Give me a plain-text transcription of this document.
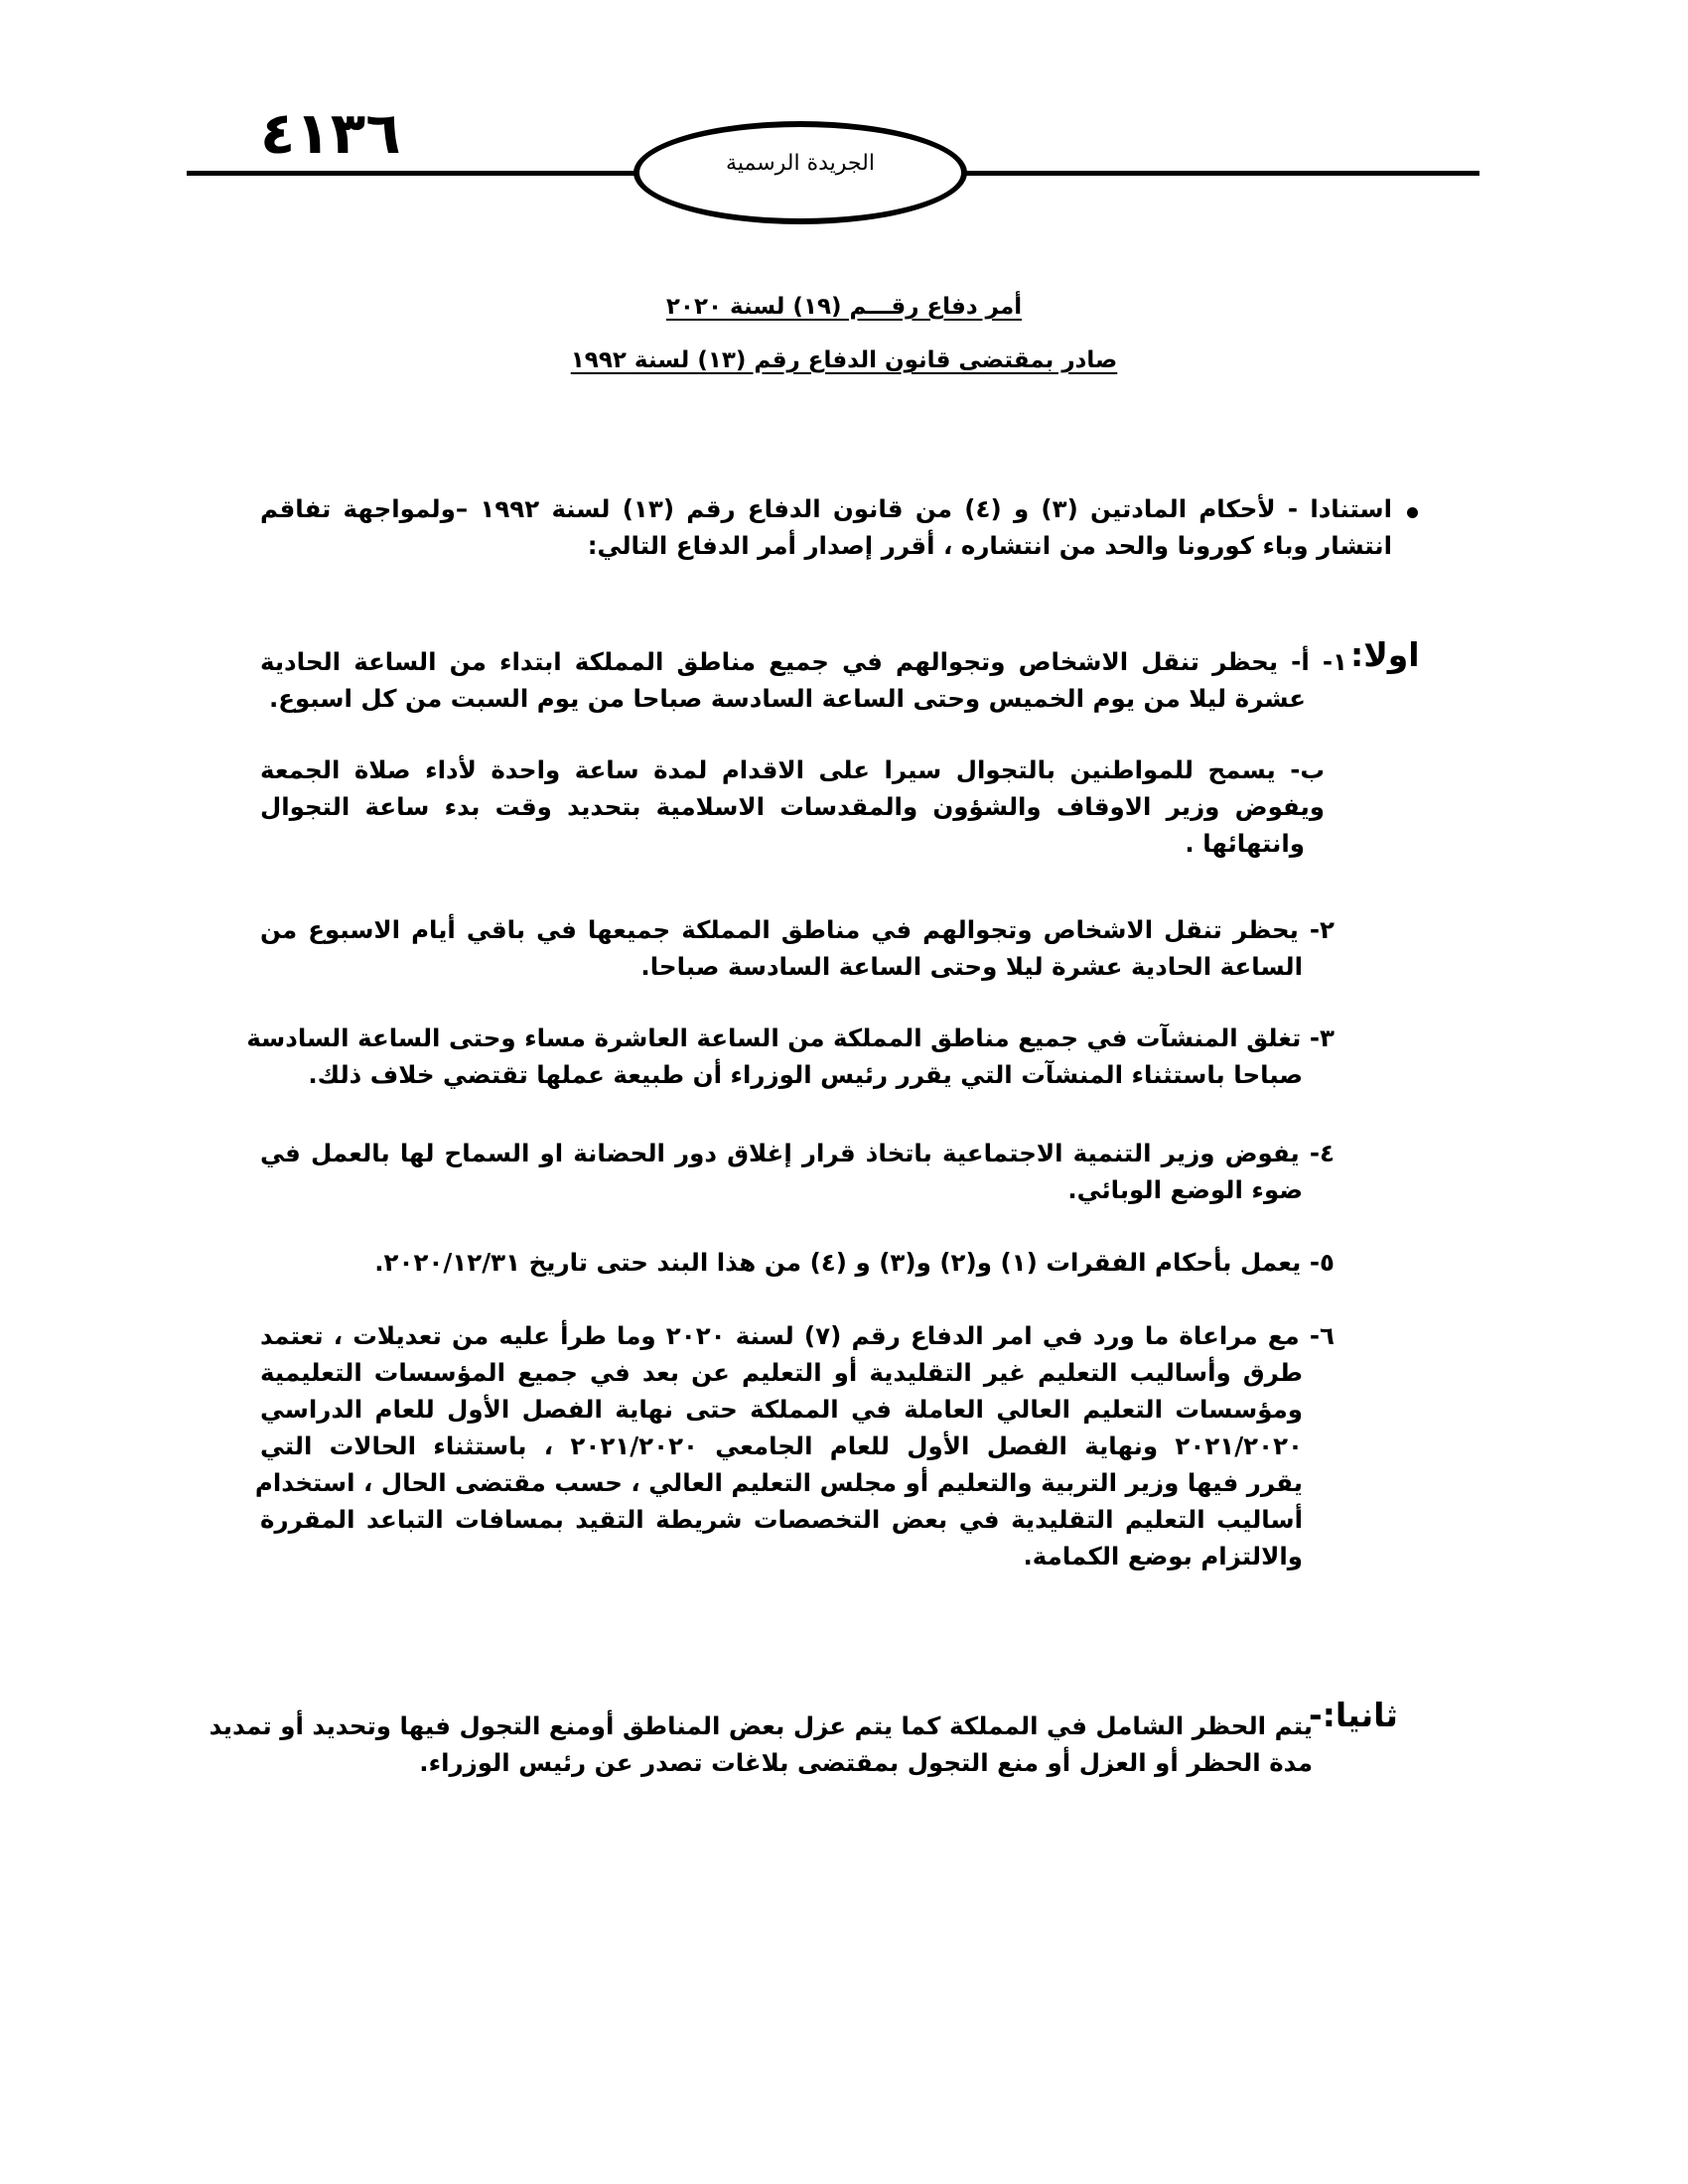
٤١٣٦	الجريدة الرسمية
أمر دفاع رقـــم (١٩) لسنة ٢٠٢٠
صادر بمقتضى قانون الدفاع رقم (١٣) لسنة ١٩٩٢
استنادا - لأحكام المادتين (٣) و (٤) من قانون الدفاع رقم (١٣) لسنة ١٩٩٢ –ولمواجهة تفاقم
انتشار وباء كورونا والحد من انتشاره ، أقرر إصدار أمر الدفاع التالي:
اولا:
١- أ- يحظر تنقل الاشخاص وتجوالهم في جميع مناطق المملكة ابتداء من الساعة الحادية
عشرة ليلا من يوم الخميس وحتى الساعة السادسة صباحا من يوم السبت من كل اسبوع.
ب- يسمح للمواطنين بالتجوال سيرا على الاقدام لمدة ساعة واحدة لأداء صلاة الجمعة
ويفوض وزير الاوقاف والشؤون والمقدسات الاسلامية بتحديد وقت بدء ساعة التجوال
وانتهائها .
٢- يحظر تنقل الاشخاص وتجوالهم في مناطق المملكة جميعها في باقي أيام الاسبوع من
الساعة الحادية عشرة ليلا وحتى الساعة السادسة صباحا.
٣- تغلق المنشآت في جميع مناطق المملكة من الساعة العاشرة مساء وحتى الساعة السادسة
صباحا باستثناء المنشآت التي يقرر رئيس الوزراء أن طبيعة عملها تقتضي خلاف ذلك.
٤- يفوض وزير التنمية الاجتماعية باتخاذ قرار إغلاق دور الحضانة او السماح لها بالعمل في
ضوء الوضع الوبائي.
٥- يعمل بأحكام الفقرات (١) و(٢) و(٣) و (٤) من هذا البند حتى تاريخ ٢٠٢٠/١٢/٣١.
٦- مع مراعاة ما ورد في امر الدفاع رقم (٧) لسنة ٢٠٢٠ وما طرأ عليه من تعديلات ، تعتمد
طرق وأساليب التعليم غير التقليدية أو التعليم عن بعد في جميع المؤسسات التعليمية
ومؤسسات التعليم العالي العاملة في المملكة حتى نهاية الفصل الأول للعام الدراسي
٢٠٢١/٢٠٢٠ ونهاية الفصل الأول للعام الجامعي ٢٠٢١/٢٠٢٠ ، باستثناء الحالات التي
يقرر فيها وزير التربية والتعليم أو مجلس التعليم العالي ، حسب مقتضى الحال ، استخدام
أساليب التعليم التقليدية في بعض التخصصات شريطة التقيد بمسافات التباعد المقررة
والالتزام بوضع الكمامة.
ثانيا:-
يتم الحظر الشامل في المملكة كما يتم عزل بعض المناطق أومنع التجول فيها وتحديد أو تمديد
مدة الحظر أو العزل أو منع التجول بمقتضى بلاغات تصدر عن رئيس الوزراء.
